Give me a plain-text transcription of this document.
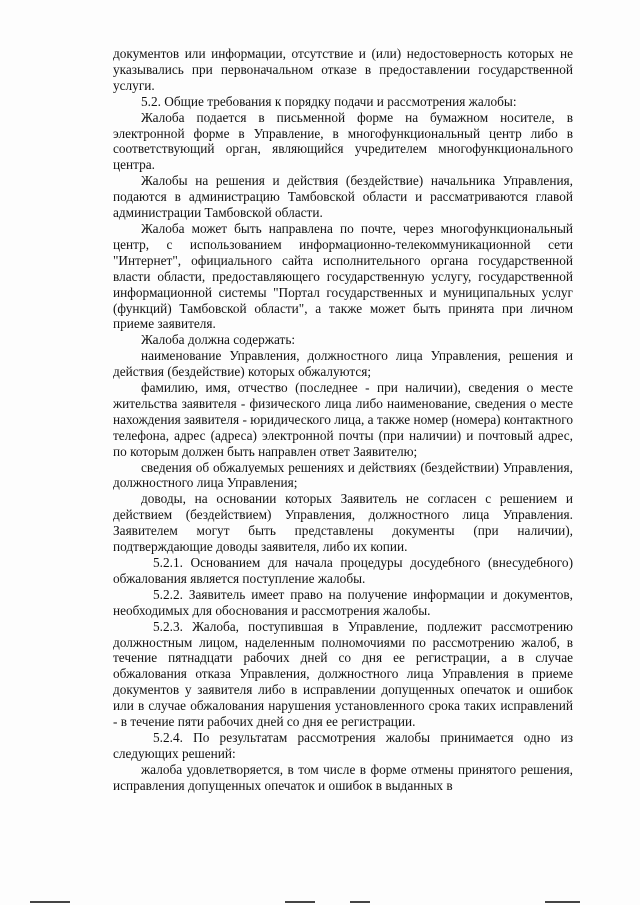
документов или информации, отсутствие и (или) недостоверность которых не указывались при первоначальном отказе в предоставлении государственной услуги.

5.2. Общие требования к порядку подачи и рассмотрения жалобы:

Жалоба подается в письменной форме на бумажном носителе, в электронной форме в Управление, в многофункциональный центр либо в соответствующий орган, являющийся учредителем многофункционального центра.

Жалобы на решения и действия (бездействие) начальника Управления, подаются в администрацию Тамбовской области и рассматриваются главой администрации Тамбовской области.

Жалоба может быть направлена по почте, через многофункциональный центр, с использованием информационно-телекоммуникационной сети "Интернет", официального сайта исполнительного органа государственной власти области, предоставляющего государственную услугу, государственной информационной системы "Портал государственных и муниципальных услуг (функций) Тамбовской области", а также может быть принята при личном приеме заявителя.

Жалоба должна содержать:

наименование Управления, должностного лица Управления, решения и действия (бездействие) которых обжалуются;

фамилию, имя, отчество (последнее - при наличии), сведения о месте жительства заявителя - физического лица либо наименование, сведения о месте нахождения заявителя - юридического лица, а также номер (номера) контактного телефона, адрес (адреса) электронной почты (при наличии) и почтовый адрес, по которым должен быть направлен ответ Заявителю;

сведения об обжалуемых решениях и действиях (бездействии) Управления, должностного лица Управления;

доводы, на основании которых Заявитель не согласен с решением и действием (бездействием) Управления, должностного лица Управления. Заявителем могут быть представлены документы (при наличии), подтверждающие доводы заявителя, либо их копии.

5.2.1. Основанием для начала процедуры досудебного (внесудебного) обжалования является поступление жалобы.

5.2.2. Заявитель имеет право на получение информации и документов, необходимых для обоснования и рассмотрения жалобы.

5.2.3. Жалоба, поступившая в Управление, подлежит рассмотрению должностным лицом, наделенным полномочиями по рассмотрению жалоб, в течение пятнадцати рабочих дней со дня ее регистрации, а в случае обжалования отказа Управления, должностного лица Управления в приеме документов у заявителя либо в исправлении допущенных опечаток и ошибок или в случае обжалования нарушения установленного срока таких исправлений - в течение пяти рабочих дней со дня ее регистрации.

5.2.4. По результатам рассмотрения жалобы принимается одно из следующих решений:

жалоба удовлетворяется, в том числе в форме отмены принятого решения, исправления допущенных опечаток и ошибок в выданных в
